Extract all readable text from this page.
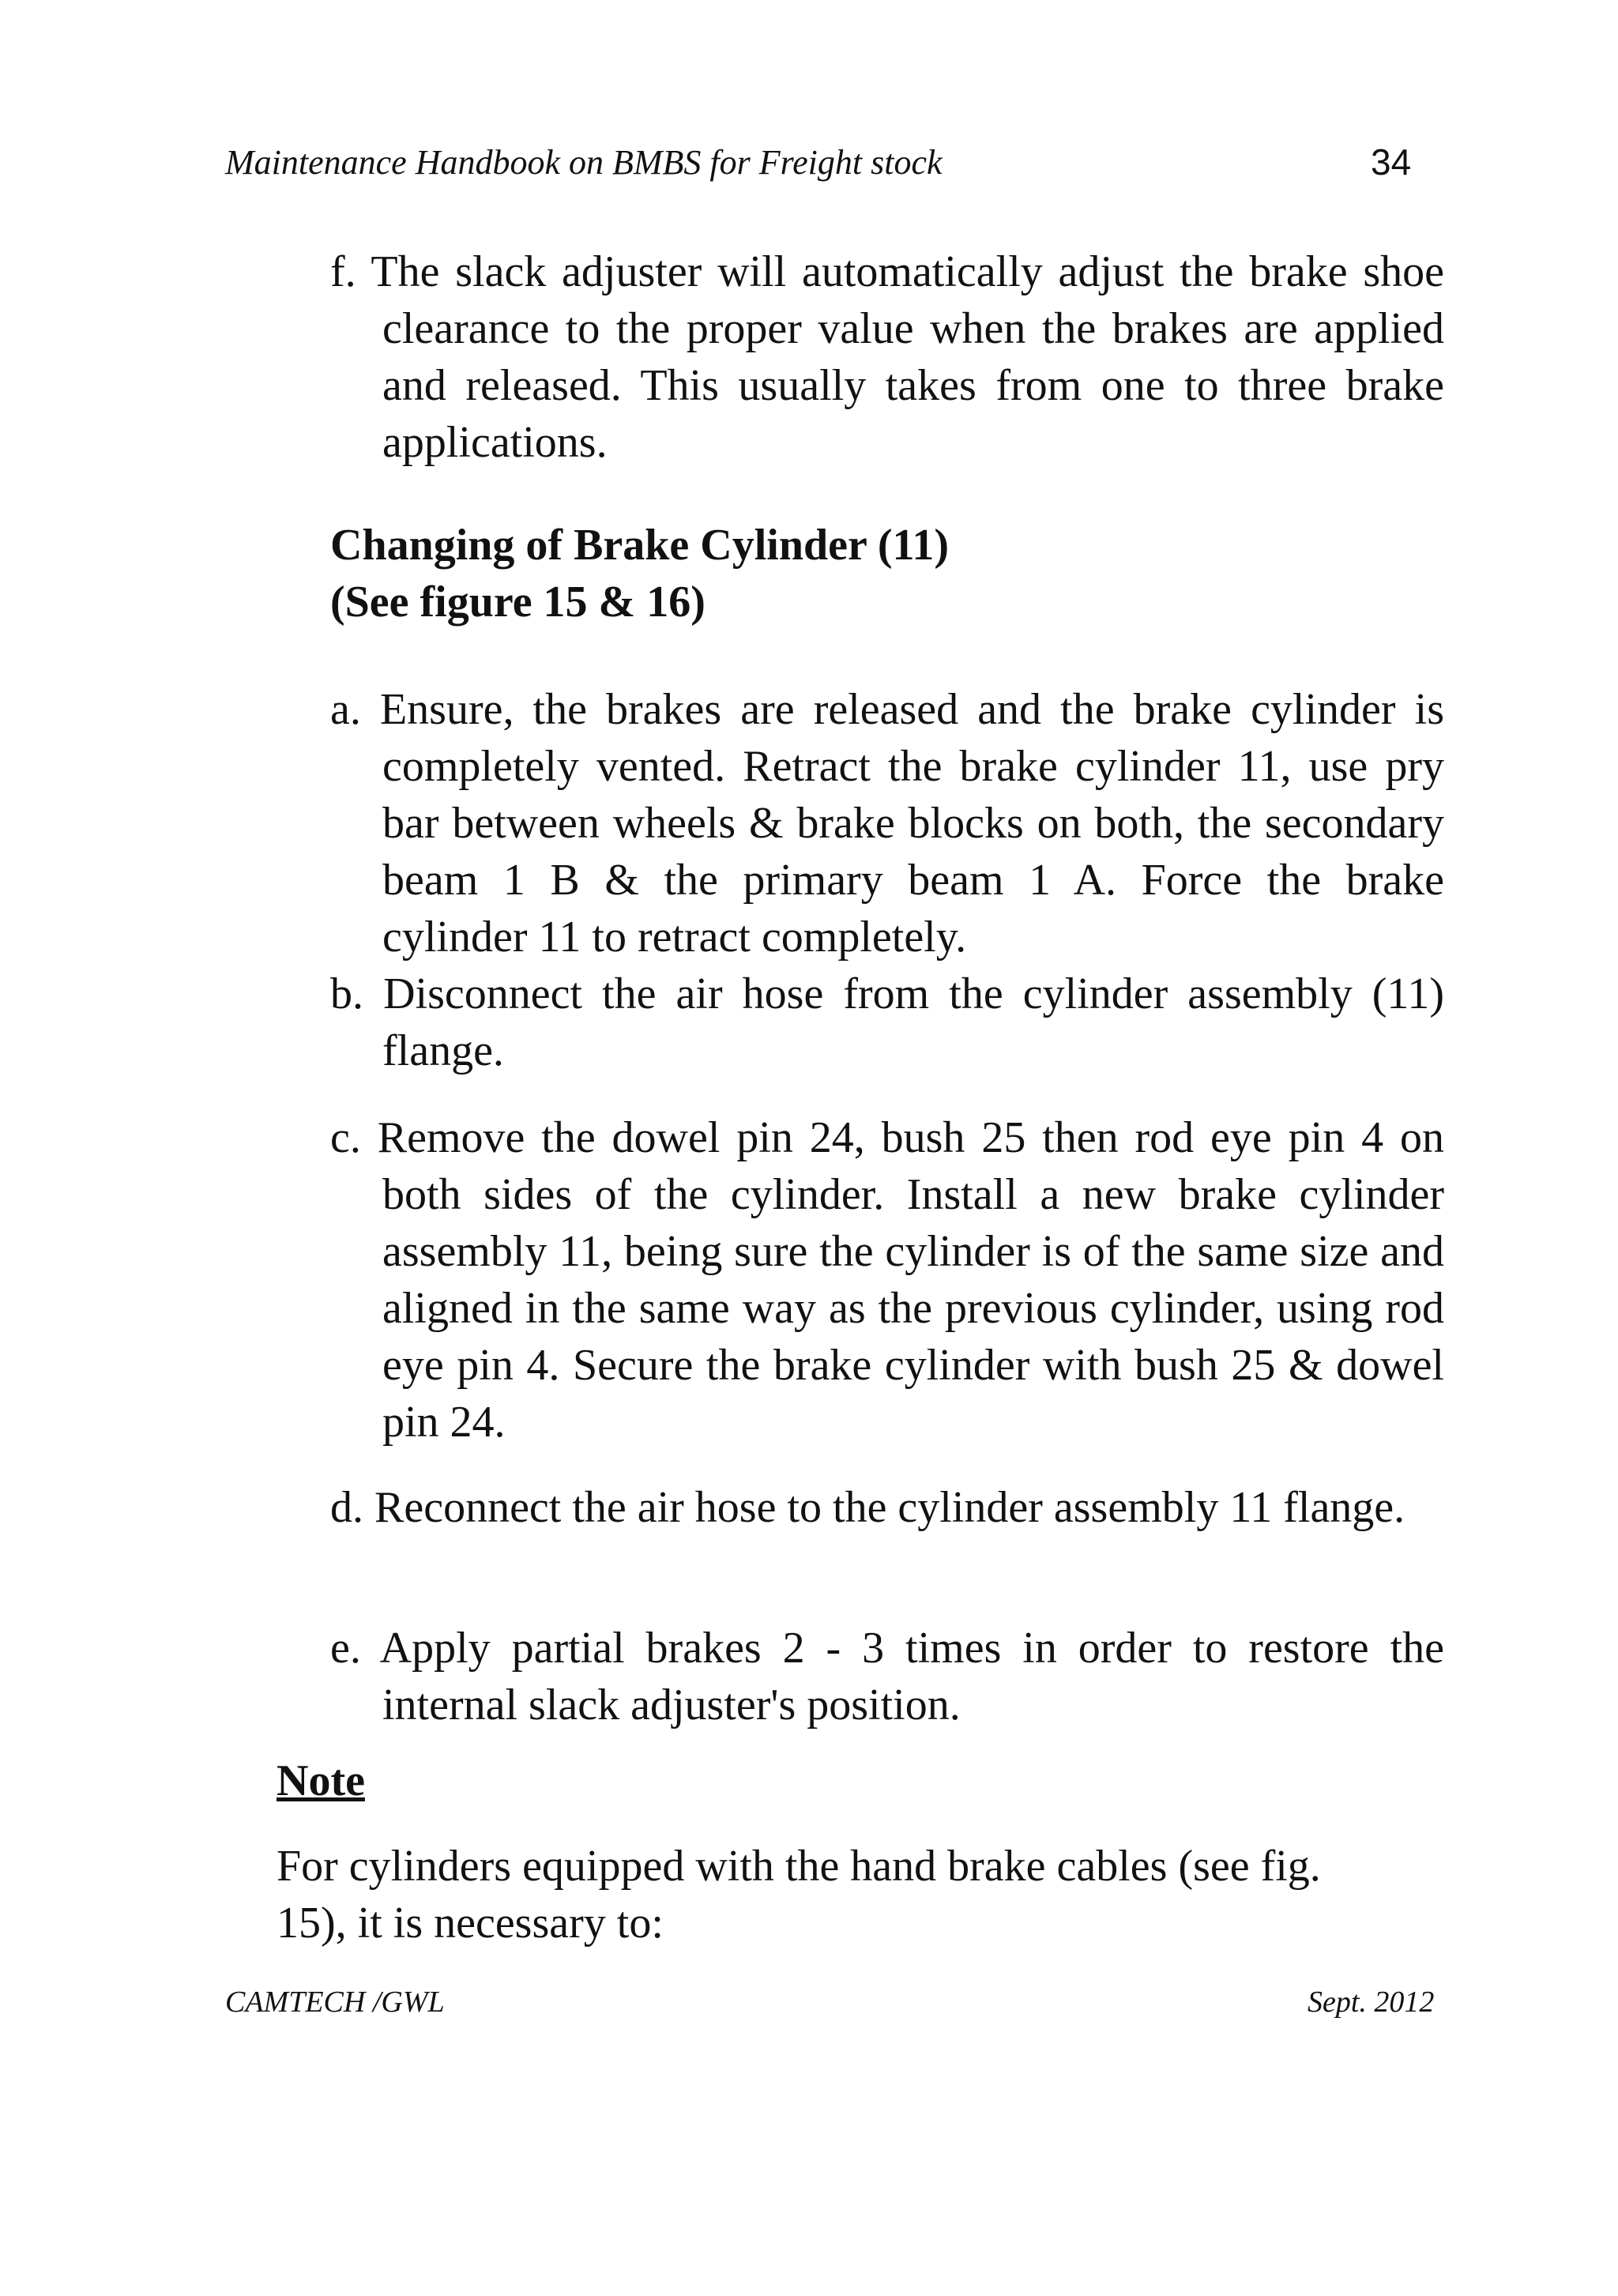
Maintenance Handbook on BMBS for Freight stock	34
f. The slack adjuster will automatically adjust the brake shoe clearance to the proper value when the brakes are applied and released. This usually takes from one to three brake applications.
Changing of Brake Cylinder (11)
(See figure 15 & 16)
a. Ensure, the brakes are released and the brake cylinder is completely vented. Retract the brake cylinder 11, use pry bar between wheels & brake blocks on both, the secondary beam 1 B & the primary beam 1 A. Force the brake cylinder 11 to retract completely.
b. Disconnect the air hose from the cylinder assembly (11) flange.
c. Remove the dowel pin 24, bush 25 then rod eye pin 4 on both sides of the cylinder. Install a new brake cylinder assembly 11, being sure the cylinder is of the same size and aligned in the same way as the previous cylinder, using rod eye pin 4. Secure the brake cylinder with bush 25 & dowel pin 24.
d. Reconnect the air hose to the cylinder assembly 11 flange.
e. Apply partial brakes 2 - 3 times in order to restore the internal slack adjuster's position.
Note
For cylinders equipped with the hand brake cables (see fig. 15), it is necessary to:
CAMTECH /GWL	Sept. 2012
